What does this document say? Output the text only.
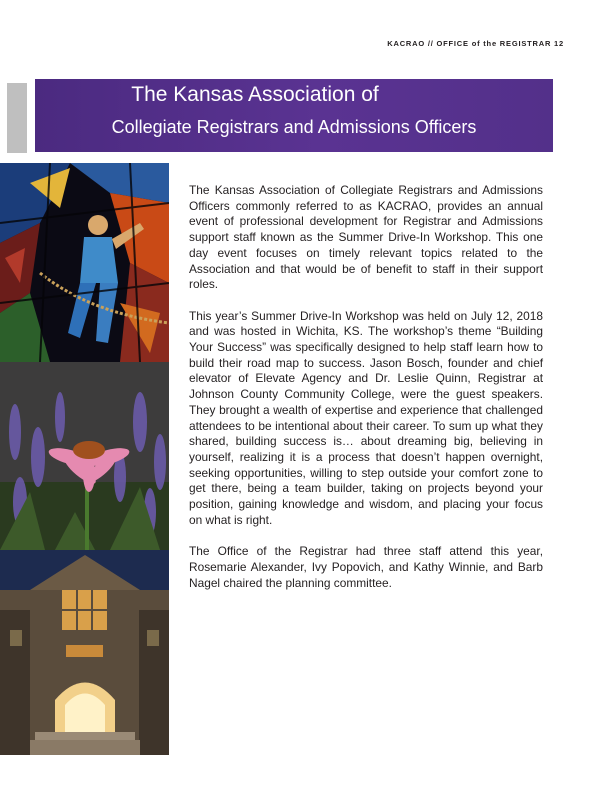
KACRAO // OFFICE of the REGISTRAR 12
The Kansas Association of
Collegiate Registrars and Admissions Officers

The Kansas Association of Collegiate Registrars and Admissions Officers commonly referred to as KACRAO, provides an annual event of professional development for Registrar and Admissions support staff known as the Summer Drive-In Workshop. This one day event focuses on timely relevant topics related to the Association and that would be of benefit to staff in their support roles.

This year’s Summer Drive-In Workshop was held on July 12, 2018 and was hosted in Wichita, KS. The workshop’s theme “Building Your Success” was specifically designed to help staff learn how to build their road map to success. Jason Bosch, founder and chief elevator of Elevate Agency and Dr. Leslie Quinn, Registrar at Johnson County Community College, were the guest speakers. They brought a wealth of expertise and experience that challenged attendees to be intentional about their career. To sum up what they shared, building success is… about dreaming big, believing in yourself, realizing it is a process that doesn’t happen overnight, seeking opportunities, willing to step outside your comfort zone to get there, being a team builder, taking on projects beyond your position, gaining knowledge and wisdom, and placing your focus on what is right.

The Office of the Registrar had three staff attend this year, Rosemarie Alexander, Ivy Popovich, and Kathy Winnie, and Barb Nagel chaired the planning committee.
